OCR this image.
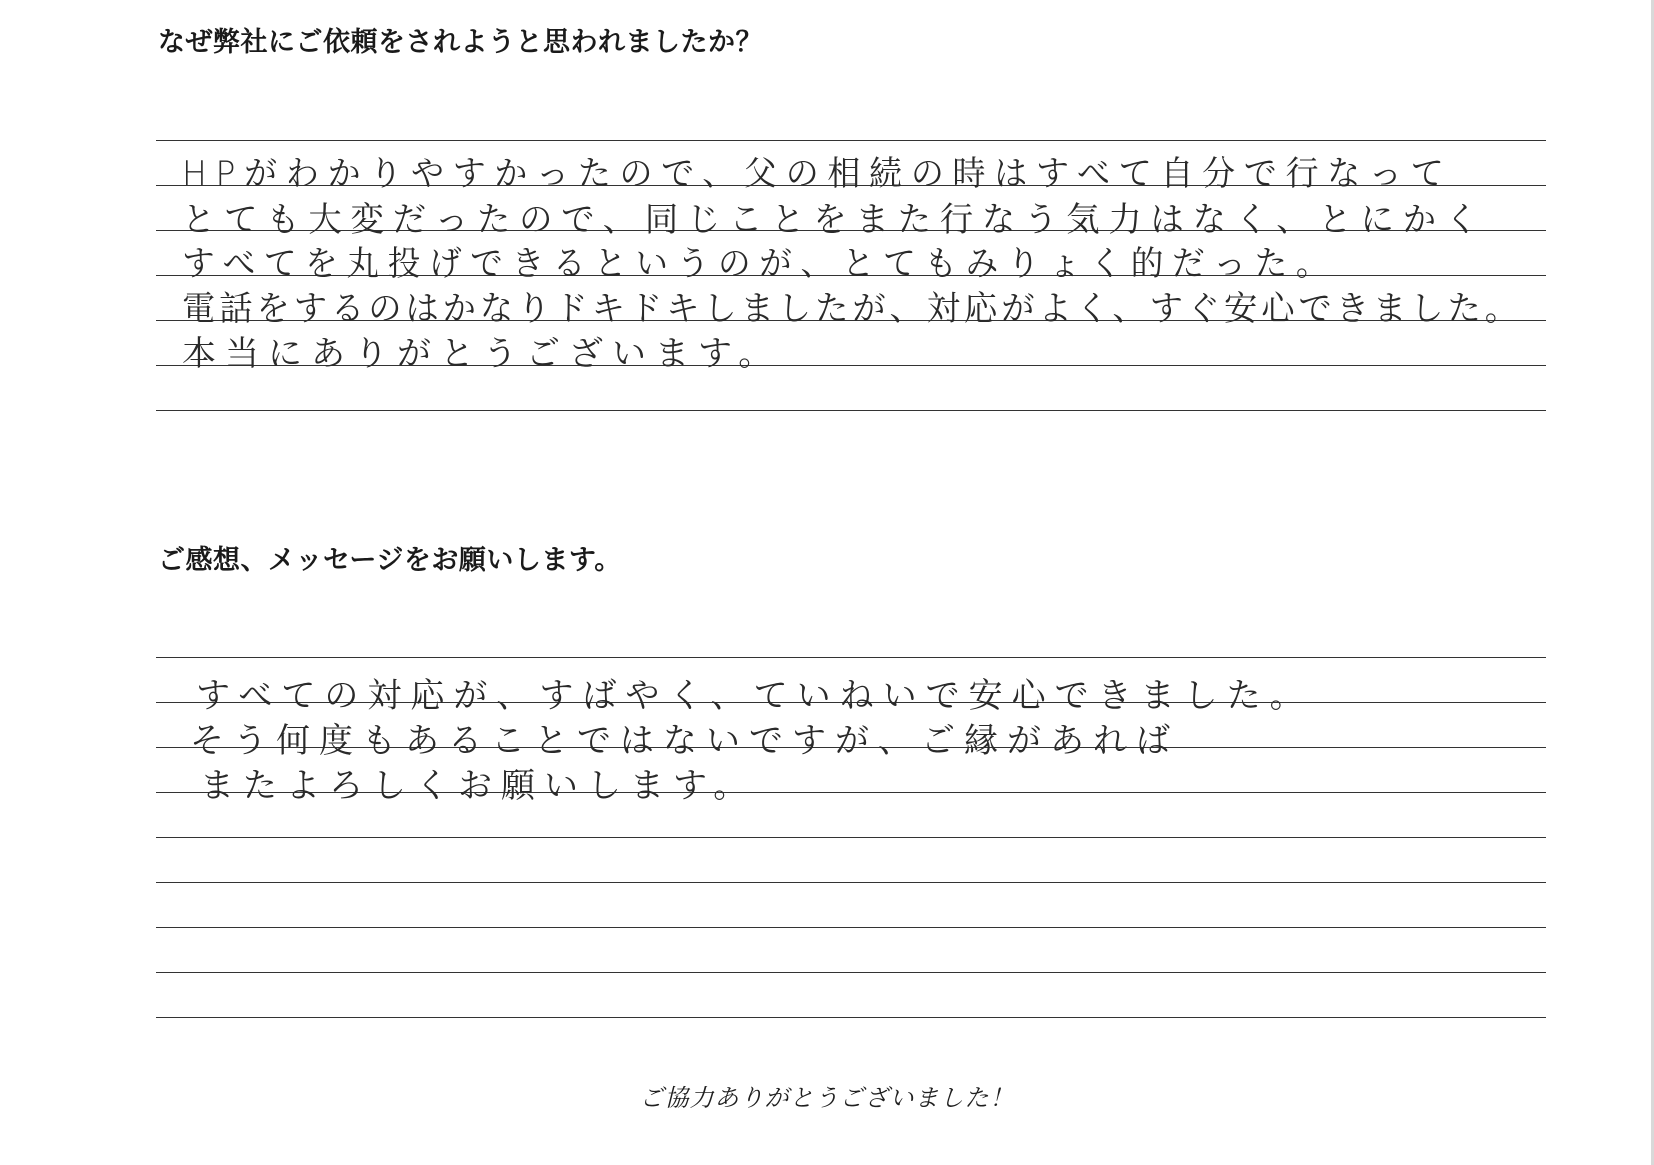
なぜ弊社にご依頼をされようと思われましたか？
HPがわかりやすかったので、父の相続の時はすべて自分で行なって
とても大変だったので、同じことをまた行なう気力はなく、とにかく
すべてを丸投げできるというのが、とてもみりょく的だった。
電話をするのはかなりドキドキしましたが、対応がよく、すぐ安心できました。
本当にありがとうございます。
ご感想、メッセージをお願いします。
すべての対応が、すばやく、ていねいで安心できました。
そう何度もあることではないですが、ご縁があれば
またよろしくお願いします。
ご協力ありがとうございました！
